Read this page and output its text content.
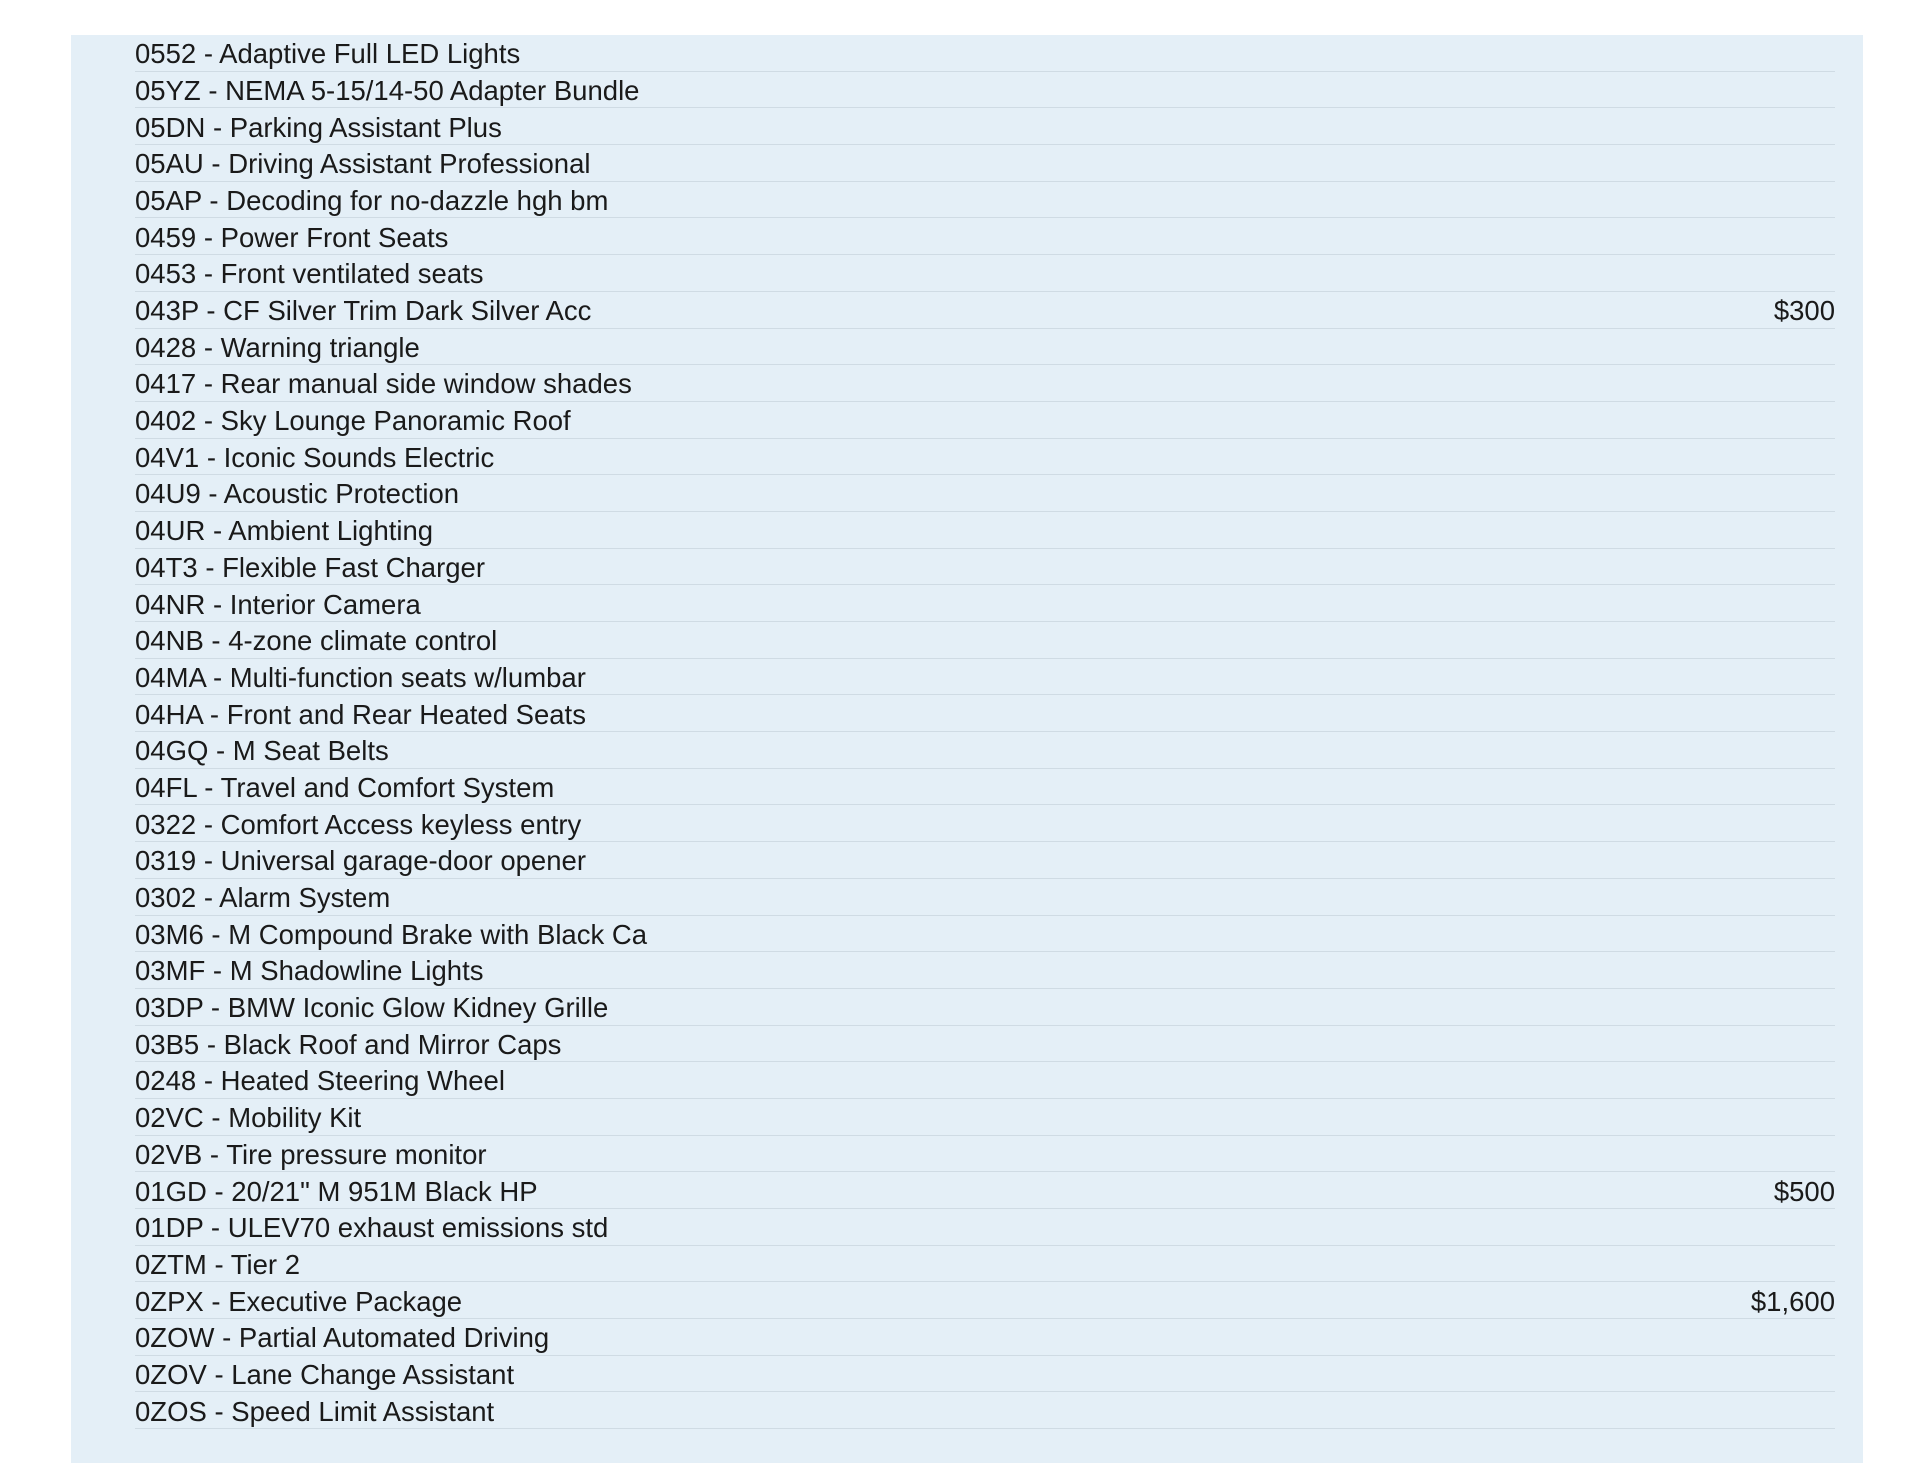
0552 - Adaptive Full LED Lights
05YZ - NEMA 5-15/14-50 Adapter Bundle
05DN - Parking Assistant Plus
05AU - Driving Assistant Professional
05AP - Decoding for no-dazzle hgh bm
0459 - Power Front Seats
0453 - Front ventilated seats
043P - CF Silver Trim Dark Silver Acc	$300
0428 - Warning triangle
0417 - Rear manual side window shades
0402 - Sky Lounge Panoramic Roof
04V1 - Iconic Sounds Electric
04U9 - Acoustic Protection
04UR - Ambient Lighting
04T3 - Flexible Fast Charger
04NR - Interior Camera
04NB - 4-zone climate control
04MA - Multi-function seats w/lumbar
04HA - Front and Rear Heated Seats
04GQ - M Seat Belts
04FL - Travel and Comfort System
0322 - Comfort Access keyless entry
0319 - Universal garage-door opener
0302 - Alarm System
03M6 - M Compound Brake with Black Ca
03MF - M Shadowline Lights
03DP - BMW Iconic Glow Kidney Grille
03B5 - Black Roof and Mirror Caps
0248 - Heated Steering Wheel
02VC - Mobility Kit
02VB - Tire pressure monitor
01GD - 20/21" M 951M Black HP	$500
01DP - ULEV70 exhaust emissions std
0ZTM - Tier 2
0ZPX - Executive Package	$1,600
0ZOW - Partial Automated Driving
0ZOV - Lane Change Assistant
0ZOS - Speed Limit Assistant
